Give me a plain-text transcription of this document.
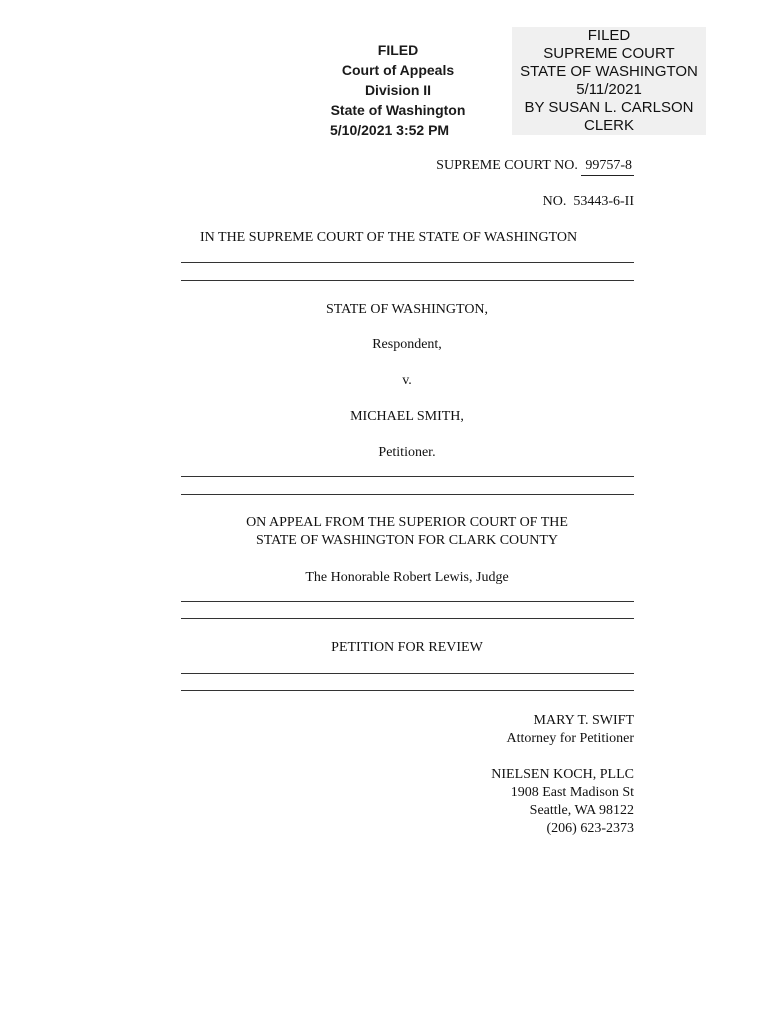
FILED
Court of Appeals
Division II
State of Washington
5/10/2021 3:52 PM
FILED
SUPREME COURT
STATE OF WASHINGTON
5/11/2021
BY SUSAN L. CARLSON
CLERK
SUPREME COURT NO. 99757-8
NO. 53443-6-II
IN THE SUPREME COURT OF THE STATE OF WASHINGTON
STATE OF WASHINGTON,
Respondent,
v.
MICHAEL SMITH,
Petitioner.
ON APPEAL FROM THE SUPERIOR COURT OF THE
STATE OF WASHINGTON FOR CLARK COUNTY
The Honorable Robert Lewis, Judge
PETITION FOR REVIEW
MARY T. SWIFT
Attorney for Petitioner
NIELSEN KOCH, PLLC
1908 East Madison St
Seattle, WA 98122
(206) 623-2373
